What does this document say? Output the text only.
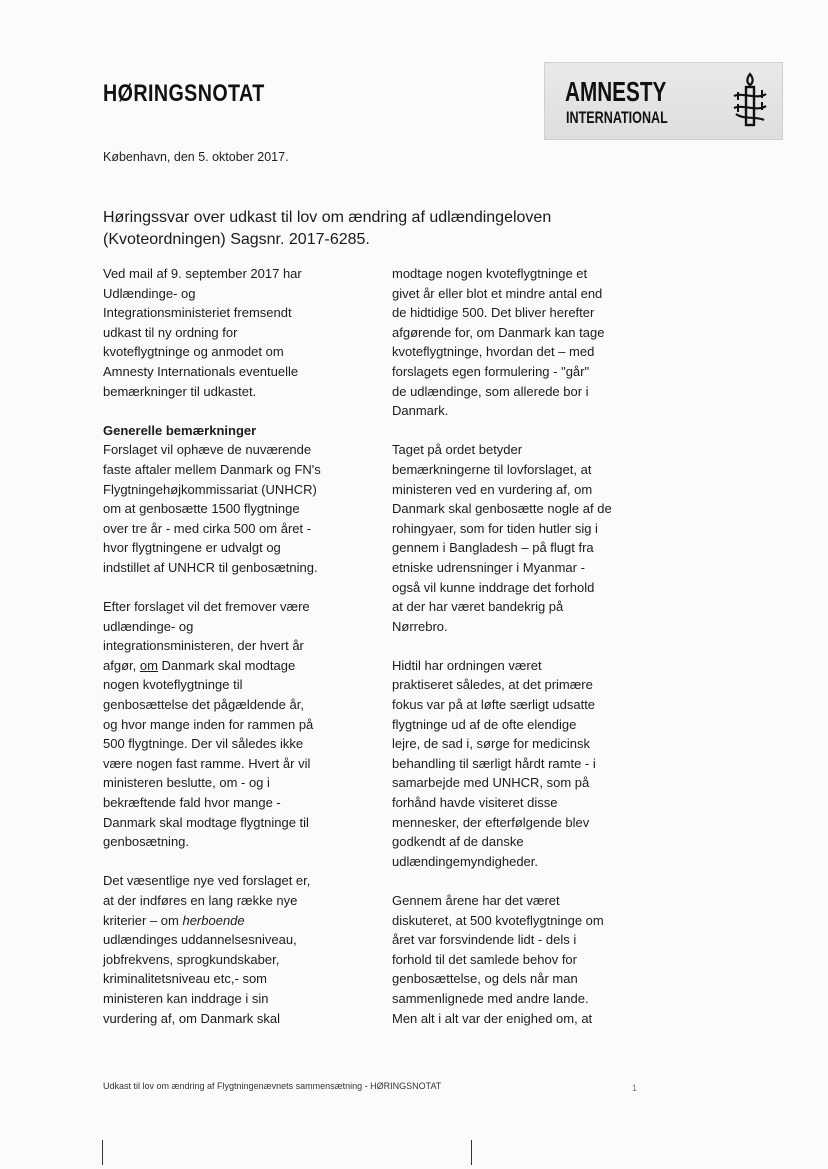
HØRINGSNOTAT	AMNESTY
INTERNATIONAL
København, den 5. oktober 2017.
Høringssvar over udkast til lov om ændring af udlændingeloven
(Kvoteordningen) Sagsnr. 2017-6285.

Ved mail af 9. september 2017 har
Udlændinge- og
Integrationsministeriet fremsendt
udkast til ny ordning for
kvoteflygtninge og anmodet om
Amnesty Internationals eventuelle
bemærkninger til udkastet.

Generelle bemærkninger
Forslaget vil ophæve de nuværende
faste aftaler mellem Danmark og FN's
Flygtningehøjkommissariat (UNHCR)
om at genbosætte 1500 flygtninge
over tre år - med cirka 500 om året -
hvor flygtningene er udvalgt og
indstillet af UNHCR til genbosætning.

Efter forslaget vil det fremover være
udlændinge- og
integrationsministeren, der hvert år
afgør, om Danmark skal modtage
nogen kvoteflygtninge til
genbosættelse det pågældende år,
og hvor mange inden for rammen på
500 flygtninge. Der vil således ikke
være nogen fast ramme. Hvert år vil
ministeren beslutte, om - og i
bekræftende fald hvor mange -
Danmark skal modtage flygtninge til
genbosætning.

Det væsentlige nye ved forslaget er,
at der indføres en lang række nye
kriterier – om herboende
udlændinges uddannelsesniveau,
jobfrekvens, sprogkundskaber,
kriminalitetsniveau etc,- som
ministeren kan inddrage i sin
vurdering af, om Danmark skal

modtage nogen kvoteflygtninge et
givet år eller blot et mindre antal end
de hidtidige 500. Det bliver herefter
afgørende for, om Danmark kan tage
kvoteflygtninge, hvordan det – med
forslagets egen formulering - "går"
de udlændinge, som allerede bor i
Danmark.

Taget på ordet betyder
bemærkningerne til lovforslaget, at
ministeren ved en vurdering af, om
Danmark skal genbosætte nogle af de
rohingyaer, som for tiden hutler sig i
gennem i Bangladesh – på flugt fra
etniske udrensninger i Myanmar -
også vil kunne inddrage det forhold
at der har været bandekrig på
Nørrebro.

Hidtil har ordningen været
praktiseret således, at det primære
fokus var på at løfte særligt udsatte
flygtninge ud af de ofte elendige
lejre, de sad i, sørge for medicinsk
behandling til særligt hårdt ramte - i
samarbejde med UNHCR, som på
forhånd havde visiteret disse
mennesker, der efterfølgende blev
godkendt af de danske
udlændingemyndigheder.

Gennem årene har det været
diskuteret, at 500 kvoteflygtninge om
året var forsvindende lidt - dels i
forhold til det samlede behov for
genbosættelse, og dels når man
sammenlignede med andre lande.
Men alt i alt var der enighed om, at

Udkast til lov om ændring af Flygtningenævnets sammensætning - HØRINGSNOTAT	1
